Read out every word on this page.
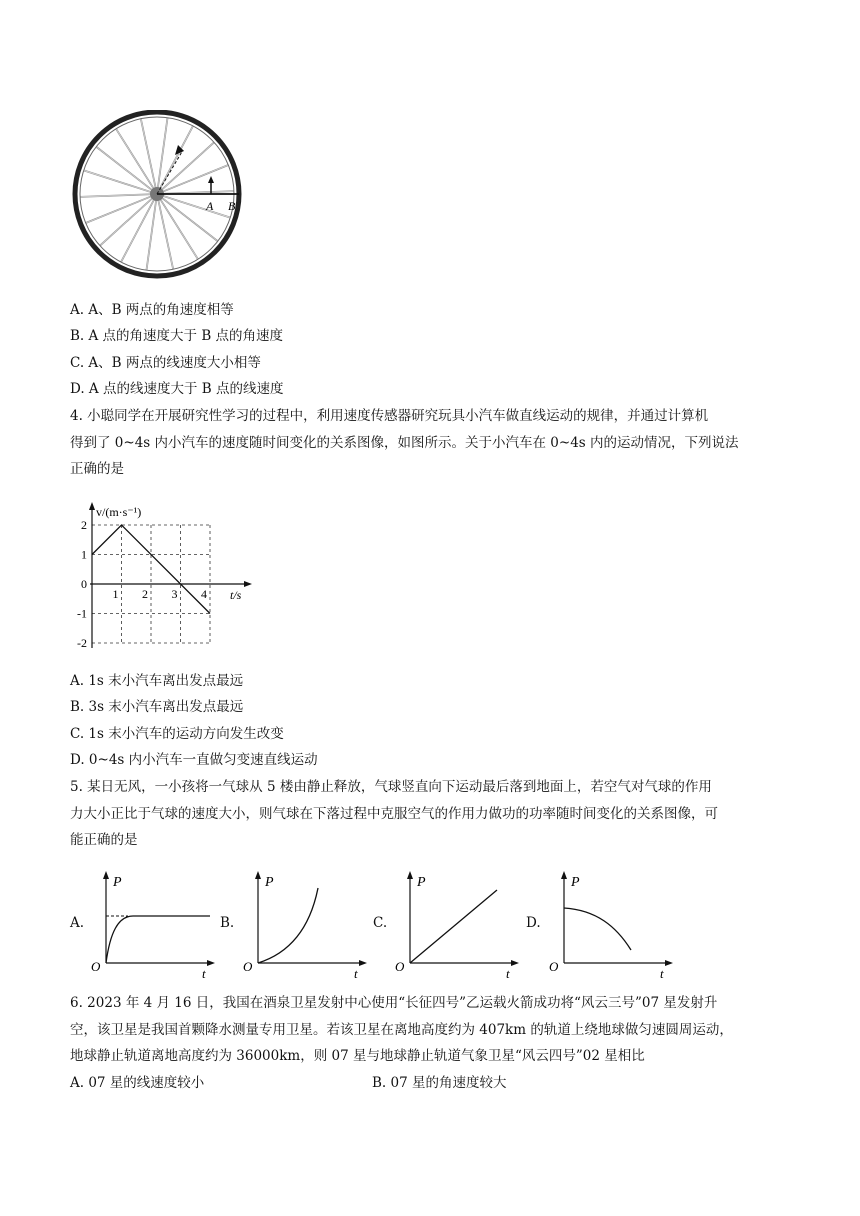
A B
A. A、B 两点的角速度相等
B. A 点的角速度大于 B 点的角速度
C. A、B 两点的线速度大小相等
D. A 点的线速度大于 B 点的线速度
4. 小聪同学在开展研究性学习的过程中，利用速度传感器研究玩具小汽车做直线运动的规律，并通过计算机
得到了 0~4s 内小汽车的速度随时间变化的关系图像，如图所示。关于小汽车在 0~4s 内的运动情况，下列说法
正确的是
2
1
0
-1
-2
1 2 3 4
v/(m·s⁻¹)
t/s
A. 1s 末小汽车离出发点最远
B. 3s 末小汽车离出发点最远
C. 1s 末小汽车的运动方向发生改变
D. 0~4s 内小汽车一直做匀变速直线运动
5. 某日无风，一小孩将一气球从 5 楼由静止释放，气球竖直向下运动最后落到地面上，若空气对气球的作用
力大小正比于气球的速度大小，则气球在下落过程中克服空气的作用力做功的功率随时间变化的关系图像，可
能正确的是
A.
P
O	t
B.
P
O	t
C.
P
O	t
D.
P
O	t
6. 2023 年 4 月 16 日，我国在酒泉卫星发射中心使用“长征四号”乙运载火箭成功将“风云三号”07 星发射升
空，该卫星是我国首颗降水测量专用卫星。若该卫星在离地高度约为 407km 的轨道上绕地球做匀速圆周运动，
地球静止轨道离地高度约为 36000km，则 07 星与地球静止轨道气象卫星“风云四号”02 星相比
A. 07 星的线速度较小	B. 07 星的角速度较大
